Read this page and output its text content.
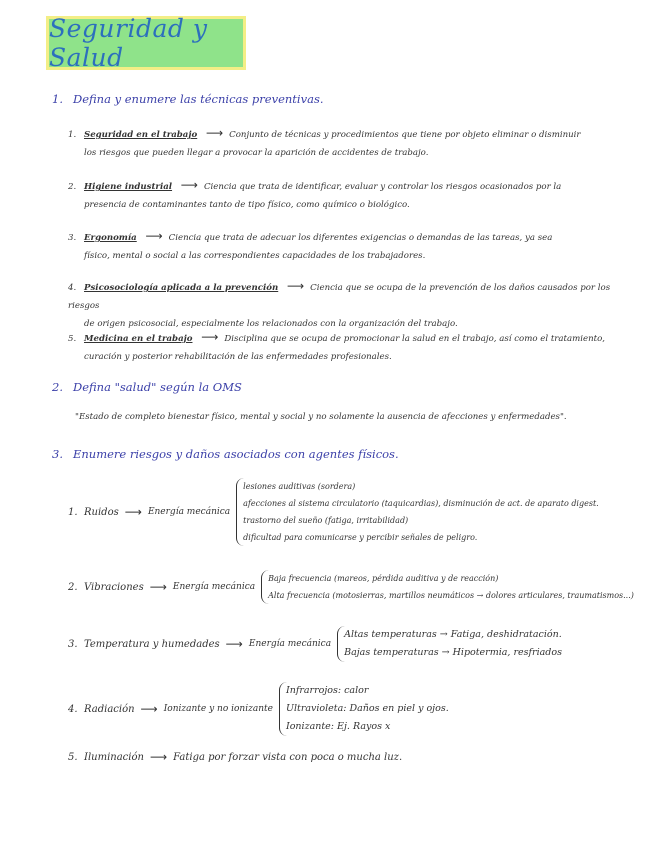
Seguridad y Salud
1. Defina y enumere las técnicas preventivas.
1. Seguridad en el trabajo ⟶ Conjunto de técnicas y procedimientos que tiene por objeto eliminar o disminuir
los riesgos que pueden llegar a provocar la aparición de accidentes de trabajo.
2. Higiene industrial ⟶ Ciencia que trata de identificar, evaluar y controlar los riesgos ocasionados por la
presencia de contaminantes tanto de tipo físico, como químico o biológico.
3. Ergonomía ⟶ Ciencia que trata de adecuar los diferentes exigencias o demandas de las tareas, ya sea
físico, mental o social a las correspondientes capacidades de los trabajadores.
4. Psicosociología aplicada a la prevención ⟶ Ciencia que se ocupa de la prevención de los daños causados por los riesgos
de origen psicosocial, especialmente los relacionados con la organización del trabajo.
5. Medicina en el trabajo ⟶ Disciplina que se ocupa de promocionar la salud en el trabajo, así como el tratamiento,
curación y posterior rehabilitación de las enfermedades profesionales.
2. Defina "salud" según la OMS
"Estado de completo bienestar físico, mental y social y no solamente la ausencia de afecciones y enfermedades".
3. Enumere riesgos y daños asociados con agentes físicos.
1. Ruidos ⟶ Energía mecánica
lesiones auditivas (sordera)
afecciones al sistema circulatorio (taquicardias), disminución de act. de aparato digest.
trastorno del sueño (fatiga, irritabilidad)
dificultad para comunicarse y percibir señales de peligro.
2. Vibraciones ⟶ Energía mecánica
Baja frecuencia (mareos, pérdida auditiva y de reacción)
Alta frecuencia (motosierras, martillos neumáticos → dolores articulares, traumatismos...)
3. Temperatura y humedades ⟶ Energía mecánica
Altas temperaturas → Fatiga, deshidratación.
Bajas temperaturas → Hipotermia, resfriados
4. Radiación ⟶ Ionizante y no ionizante
Infrarrojos: calor
Ultravioleta: Daños en piel y ojos.
Ionizante: Ej. Rayos x
5. Iluminación ⟶ Fatiga por forzar vista con poca o mucha luz.
